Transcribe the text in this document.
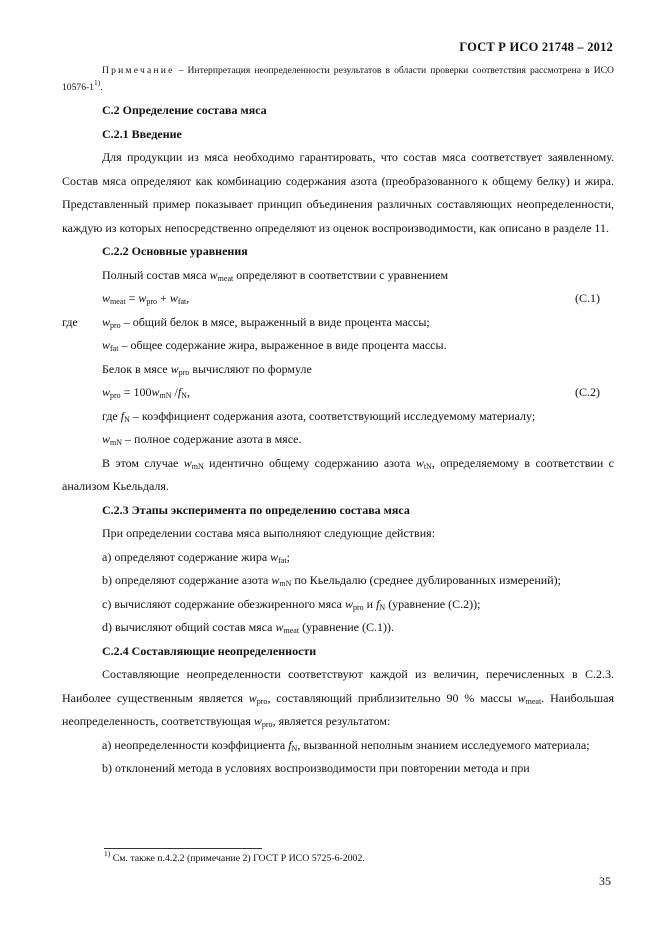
ГОСТ Р ИСО 21748 – 2012
Примечание – Интерпретация неопределенности результатов в области проверки соответствия рассмотрена в ИСО 10576-1$^{1)}$.

C.2 Определение состава мяса

C.2.1 Введение

Для продукции из мяса необходимо гарантировать, что состав мяса соответствует заявленному. Состав мяса определяют как комбинацию содержания азота (преобразованного к общему белку) и жира. Представленный пример показывает принцип объединения различных составляющих неопределенности, каждую из которых непосредственно определяют из оценок воспроизводимости, как описано в разделе 11.

C.2.2 Основные уравнения

Полный состав мяса $w_{meat}$ определяют в соответствии с уравнением

$w_{meat} = w_{pro} + w_{fat}$,	(C.1)

где $w_{pro}$ – общий белок в мясе, выраженный в виде процента массы;

$w_{fat}$ – общее содержание жира, выраженное в виде процента массы.

Белок в мясе $w_{pro}$ вычисляют по формуле

$w_{pro} = 100w_{mN}$ $/f_N$,	(C.2)

где $f_N$ – коэффициент содержания азота, соответствующий исследуемому материалу;

$w_{mN}$ – полное содержание азота в мясе.

В этом случае $w_{mN}$ идентично общему содержанию азота $w_{tN}$, определяемому в соответствии с анализом Кьельдаля.

C.2.3 Этапы эксперимента по определению состава мяса

При определении состава мяса выполняют следующие действия:

a) определяют содержание жира $w_{fat}$;

b) определяют содержание азота $w_{mN}$ по Кьельдалю (среднее дублированных измерений);

c) вычисляют содержание обезжиренного мяса $w_{pro}$ и $f_N$ (уравнение (C.2));

d) вычисляют общий состав мяса $w_{meat}$ (уравнение (C.1)).

C.2.4 Составляющие неопределенности

Составляющие неопределенности соответствуют каждой из величин, перечисленных в C.2.3. Наиболее существенным является $w_{pro}$, составляющий приблизительно 90 % массы $w_{meat}$. Наибольшая неопределенность, соответствующая $w_{pro}$, является результатом:

a) неопределенности коэффициента $f_N$, вызванной неполным знанием исследуемого материала;

b) отклонений метода в условиях воспроизводимости при повторении метода и при

$^{1)}$ См. также п.4.2.2 (примечание 2) ГОСТ Р ИСО 5725-6-2002.
35
